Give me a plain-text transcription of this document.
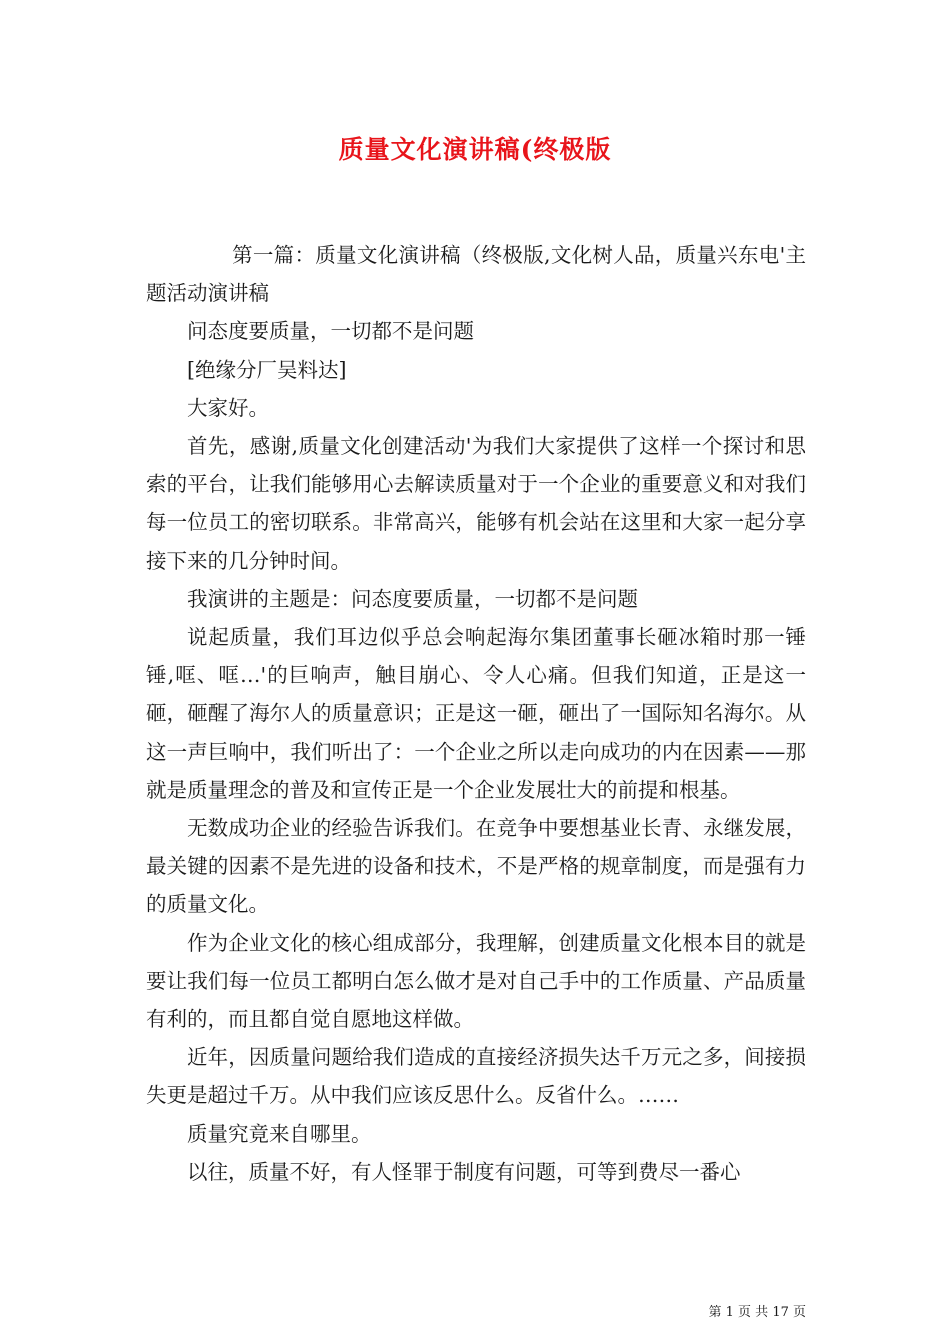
质量文化演讲稿(终极版

第一篇：质量文化演讲稿（终极版,文化树人品，质量兴东电'主题活动演讲稿

问态度要质量，一切都不是问题

[绝缘分厂吴料达]

大家好。

首先，感谢,质量文化创建活动'为我们大家提供了这样一个探讨和思索的平台，让我们能够用心去解读质量对于一个企业的重要意义和对我们每一位员工的密切联系。非常高兴，能够有机会站在这里和大家一起分享接下来的几分钟时间。

我演讲的主题是：问态度要质量，一切都不是问题

说起质量，我们耳边似乎总会响起海尔集团董事长砸冰箱时那一锤锤,哐、哐…'的巨响声，触目崩心、令人心痛。但我们知道，正是这一砸，砸醒了海尔人的质量意识；正是这一砸，砸出了一国际知名海尔。从这一声巨响中，我们听出了：一个企业之所以走向成功的内在因素——那就是质量理念的普及和宣传正是一个企业发展壮大的前提和根基。

无数成功企业的经验告诉我们。在竞争中要想基业长青、永继发展，最关键的因素不是先进的设备和技术，不是严格的规章制度，而是强有力的质量文化。

作为企业文化的核心组成部分，我理解，创建质量文化根本目的就是要让我们每一位员工都明白怎么做才是对自己手中的工作质量、产品质量有利的，而且都自觉自愿地这样做。

近年，因质量问题给我们造成的直接经济损失达千万元之多，间接损失更是超过千万。从中我们应该反思什么。反省什么。……

质量究竟来自哪里。

以往，质量不好，有人怪罪于制度有问题，可等到费尽一番心

第 1 页 共 17 页
